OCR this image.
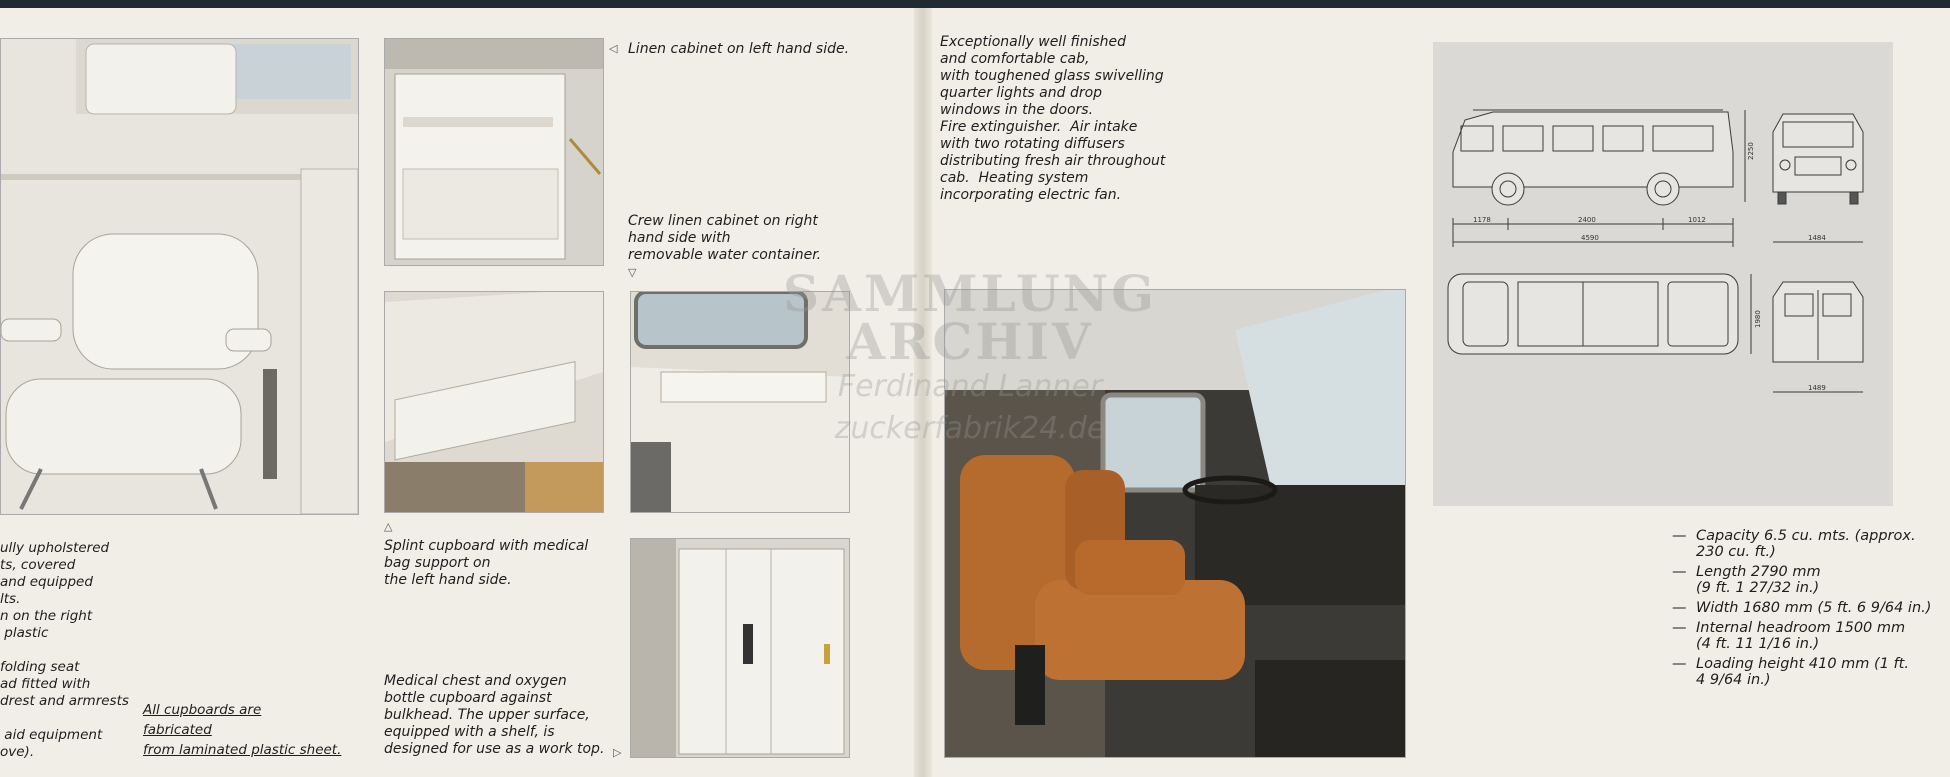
ully upholstered
ts, covered
and equipped
lts.
n on the right
plastic

folding seat
ad fitted with
drest and armrests

aid equipment
ove).
All cupboards are
fabricated
from laminated plastic sheet.
◁ Linen cabinet on left hand side.
Crew linen cabinet on right
hand side with
removable water container.
▽
△
Splint cupboard with medical
bag support on
the left hand side.
Medical chest and oxygen
bottle cupboard against
bulkhead. The upper surface,
equipped with a shelf, is
designed for use as a work top. ▷
Exceptionally well finished
and comfortable cab,
with toughened glass swivelling
quarter lights and drop
windows in the doors.
Fire extinguisher.  Air intake
with two rotating diffusers
distributing fresh air throughout
cab.  Heating system
incorporating electric fan.
SAMMLUNG
ARCHIV
Ferdinand Lanner
zuckerfabrik24.de
1178	2400	1012
4590
2250
1484
1980
1489
— Capacity 6.5 cu. mts. (approx.
230 cu. ft.)
— Length 2790 mm
(9 ft. 1 27/32 in.)
— Width 1680 mm (5 ft. 6 9/64 in.)
— Internal headroom 1500 mm
(4 ft. 11 1/16 in.)
— Loading height 410 mm (1 ft.
4 9/64 in.)
